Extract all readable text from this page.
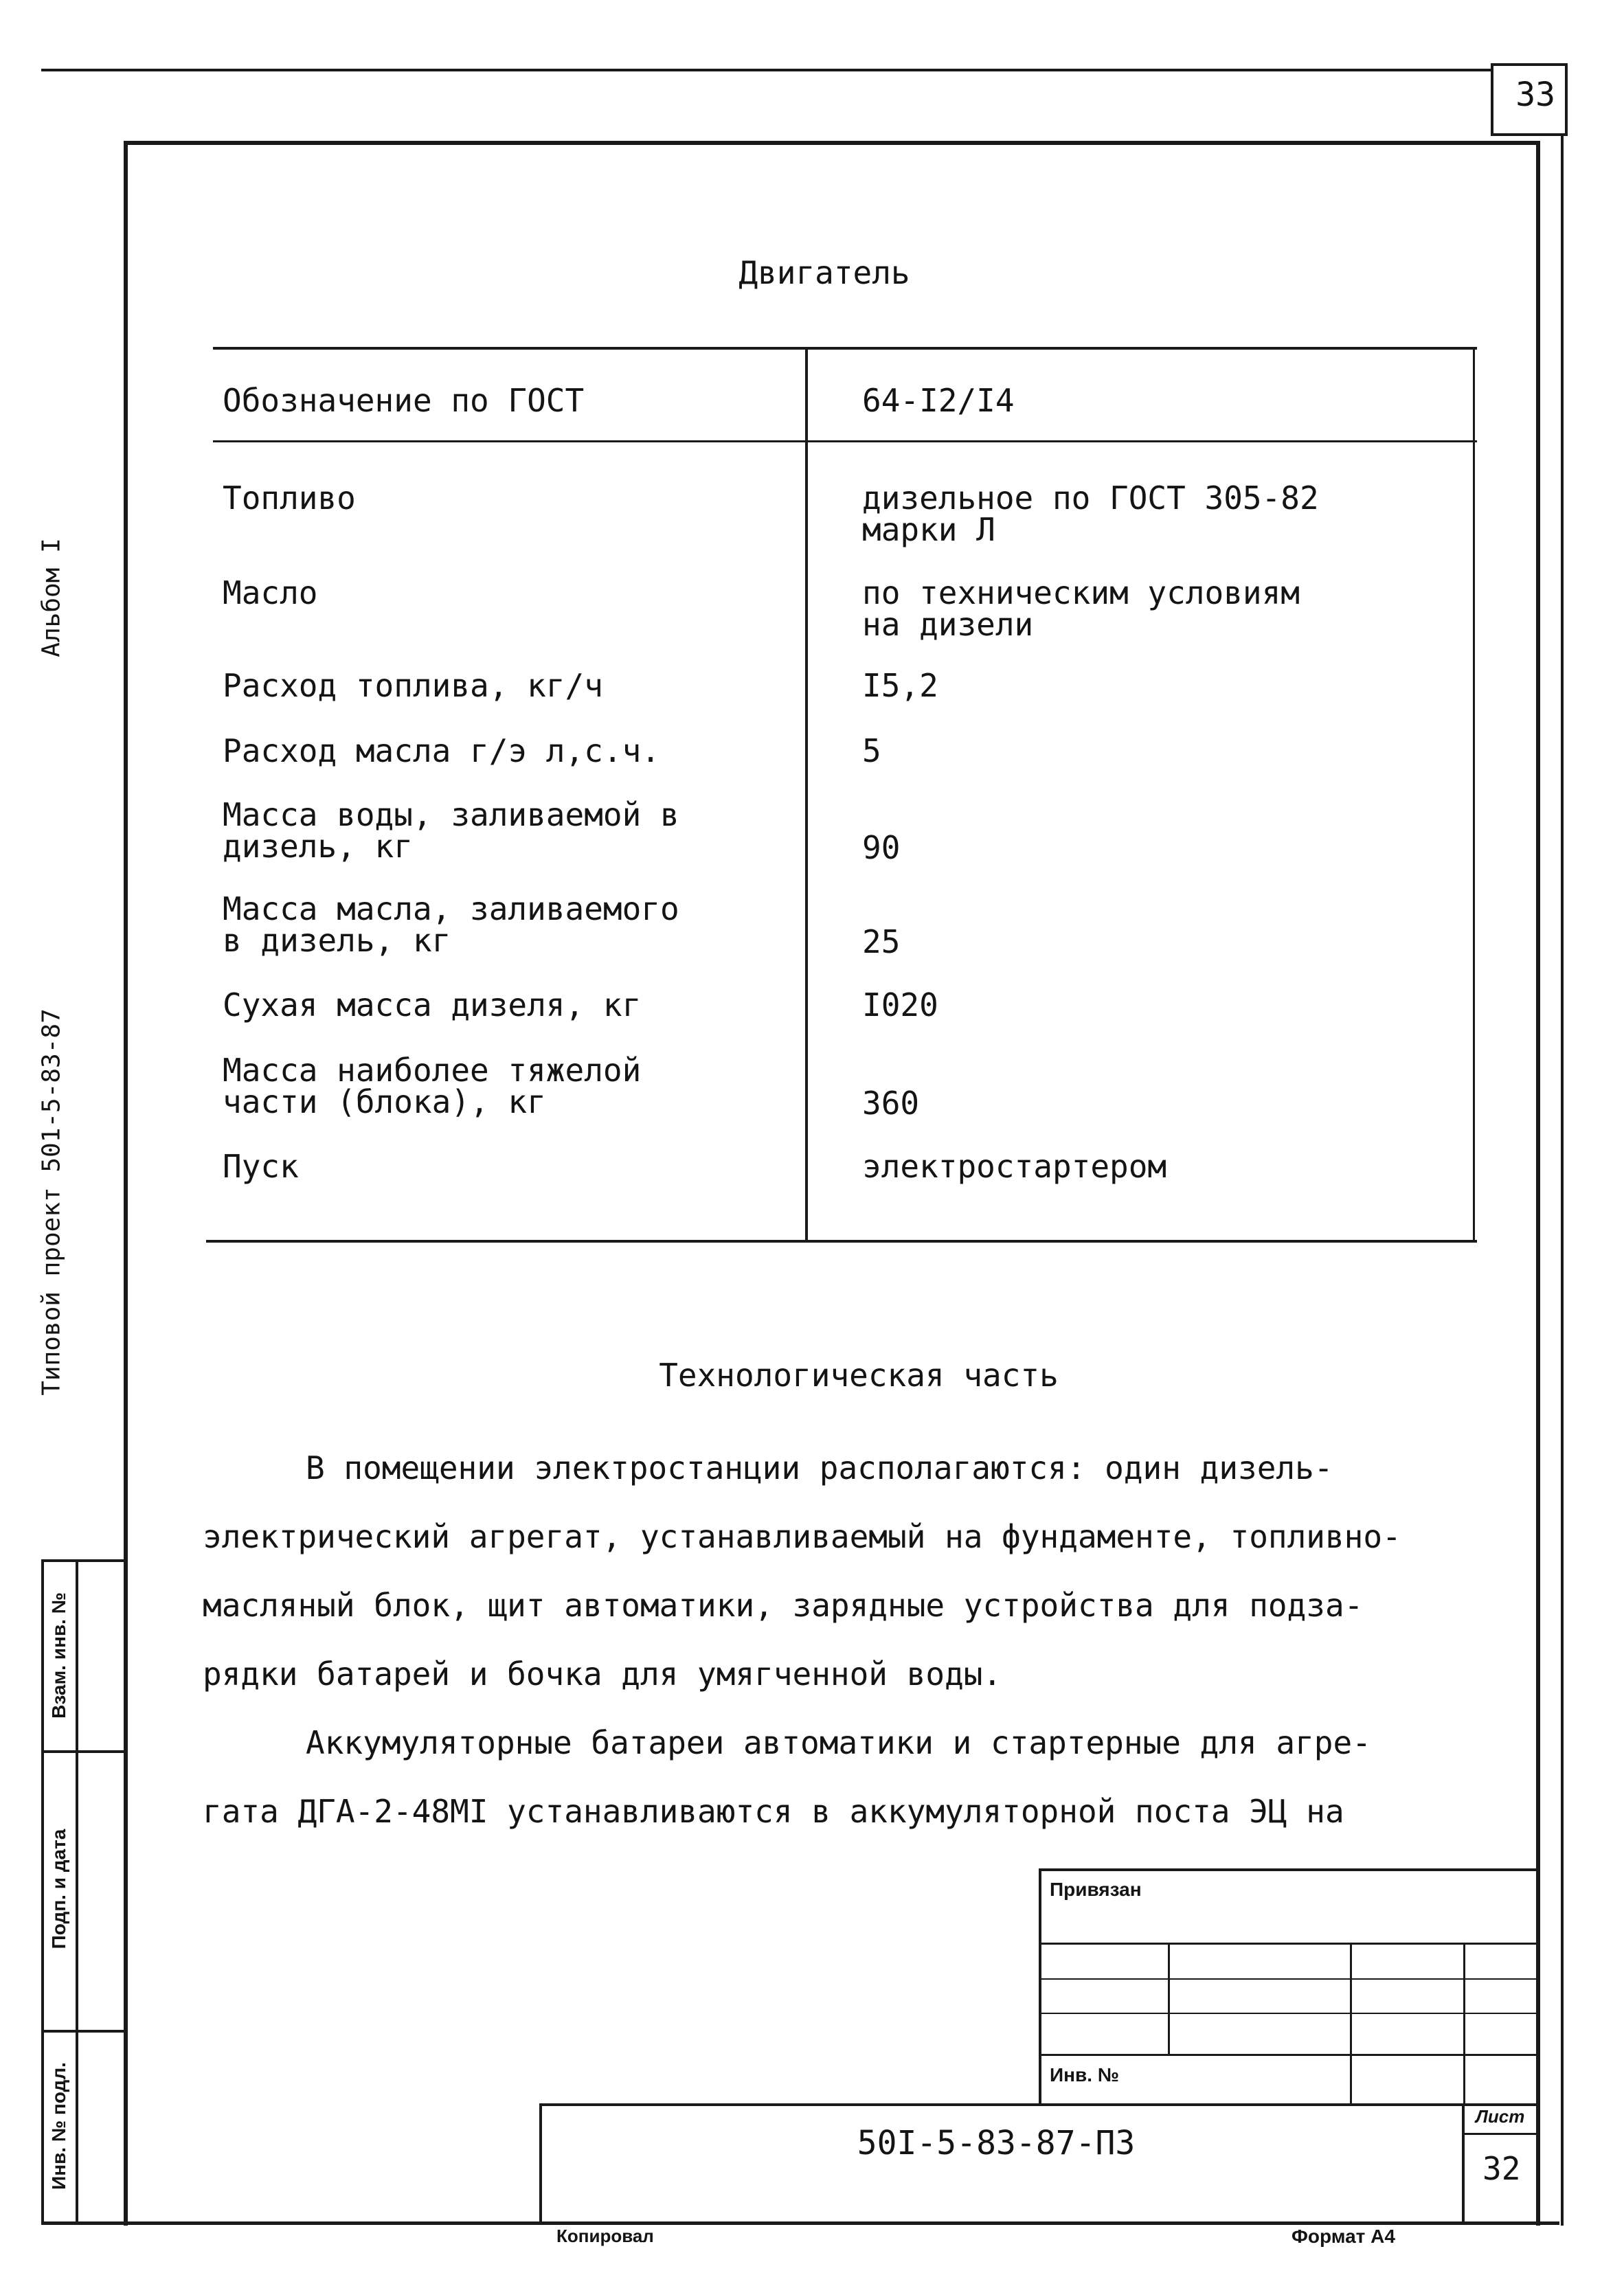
33
Двигатель
Обозначение по ГОСТ	64-I2/I4
Топливо	дизельное по ГОСТ 305-82
марки Л
Масло	по техническим условиям
на дизели
Расход топлива, кг/ч	I5,2
Расход масла г/э л,с.ч.	5
Масса воды, заливаемой в
дизель, кг	90
Масса масла, заливаемого
в дизель, кг	25
Сухая масса дизеля, кг	I020
Масса наиболее тяжелой
части (блока), кг	360
Пуск	электростартером
Технологическая часть
В помещении электростанции располагаются: один дизель-
электрический агрегат, устанавливаемый на фундаменте, топливно-
масляный блок, щит автоматики, зарядные устройства для подза-
рядки батарей и бочка для умягченной воды.
Аккумуляторные батареи автоматики и стартерные для агре-
гата ДГА-2-48МI устанавливаются в аккумуляторной поста ЭЦ на
Альбом I
Типовой проект 501-5-83-87
Взам. инв. №
Подп. и дата
Инв. № подл.
Привязан
Инв. №
50I-5-83-87-ПЗ
Лист
32
Копировал	Формат А4
